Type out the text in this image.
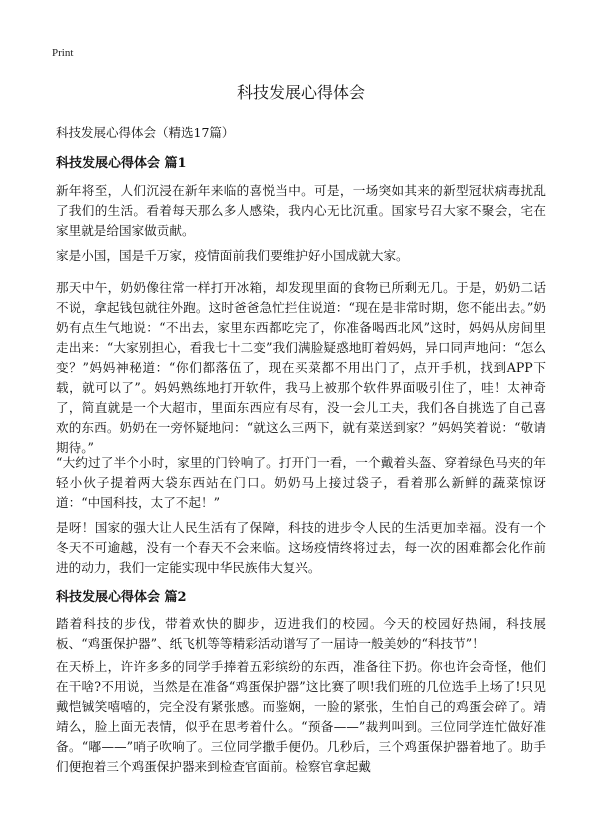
Print
科技发展心得体会

科技发展心得体会（精选17篇）

科技发展心得体会 篇1

新年将至，人们沉浸在新年来临的喜悦当中。可是，一场突如其来的新型冠状病毒扰乱了我们的生活。看着每天那么多人感染，我内心无比沉重。国家号召大家不聚会，宅在家里就是给国家做贡献。

家是小国，国是千万家，疫情面前我们要维护好小国成就大家。

那天中午，奶奶像往常一样打开冰箱，却发现里面的食物已所剩无几。于是，奶奶二话不说，拿起钱包就往外跑。这时爸爸急忙拦住说道：“现在是非常时期，您不能出去。”奶奶有点生气地说：“不出去，家里东西都吃完了，你准备喝西北风”这时，妈妈从房间里走出来：“大家别担心，看我七十二变”我们满脸疑惑地盯着妈妈，异口同声地问：“怎么变？”妈妈神秘道：“你们都落伍了，现在买菜都不用出门了，点开手机，找到APP下载，就可以了”。妈妈熟练地打开软件，我马上被那个软件界面吸引住了，哇！太神奇了，简直就是一个大超市，里面东西应有尽有，没一会儿工夫，我们各自挑选了自己喜欢的东西。奶奶在一旁怀疑地问：“就这么三两下，就有菜送到家？”妈妈笑着说：“敬请期待。”

“大约过了半个小时，家里的门铃响了。打开门一看，一个戴着头盔、穿着绿色马夹的年轻小伙子提着两大袋东西站在门口。奶奶马上接过袋子，看着那么新鲜的蔬菜惊讶道：“中国科技，太了不起！”

是呀！国家的强大让人民生活有了保障，科技的进步令人民的生活更加幸福。没有一个冬天不可逾越，没有一个春天不会来临。这场疫情终将过去，每一次的困难都会化作前进的动力，我们一定能实现中华民族伟大复兴。

科技发展心得体会 篇2

踏着科技的步伐，带着欢快的脚步，迈进我们的校园。今天的校园好热闹，科技展板、“鸡蛋保护器”、纸飞机等等精彩活动谱写了一届诗一般美妙的“科技节”！

在天桥上，许许多多的同学手捧着五彩缤纷的东西，准备往下扔。你也许会奇怪，他们在干啥?不用说，当然是在准备“鸡蛋保护器”这比赛了呗!我们班的几位选手上场了!只见戴恺铖笑嘻嘻的，完全没有紧张感。而鉴娴，一脸的紧张，生怕自己的鸡蛋会碎了。靖靖么，脸上面无表情，似乎在思考着什么。“预备——”裁判叫到。三位同学连忙做好准备。“嘟——”哨子吹响了。三位同学撒手便仍。几秒后，三个鸡蛋保护器着地了。助手们便抱着三个鸡蛋保护器来到检查官面前。检察官拿起戴
